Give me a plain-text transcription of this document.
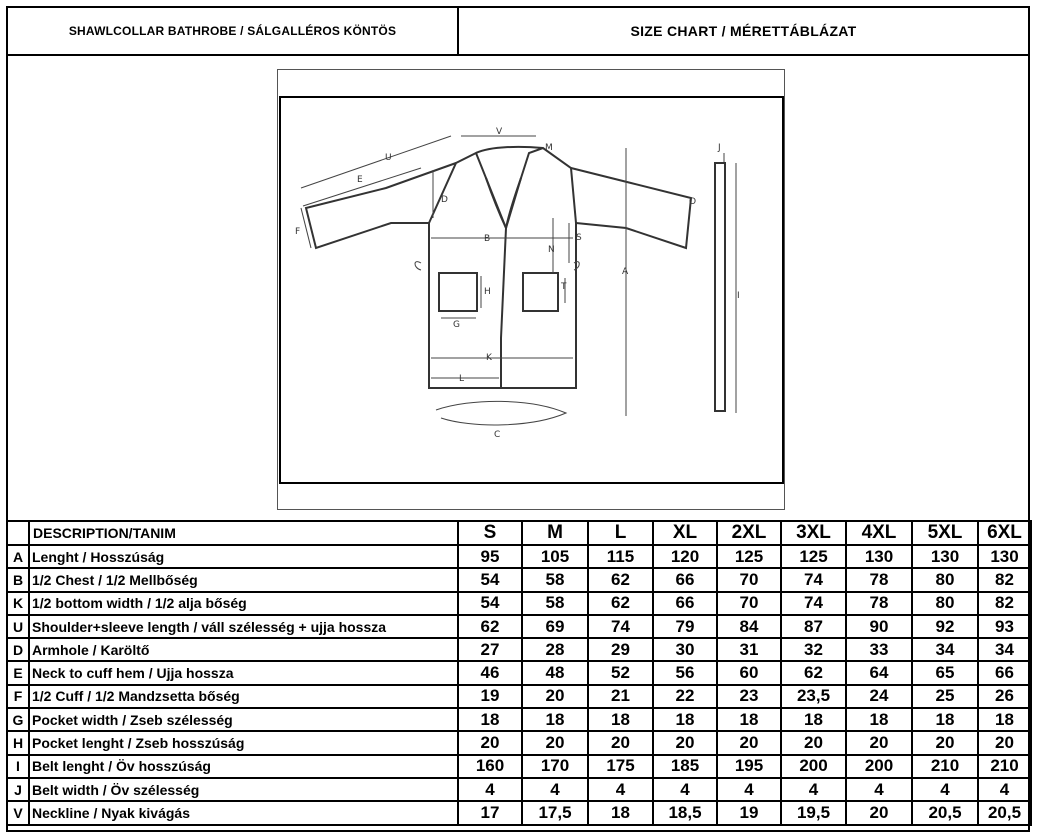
SHAWLCOLLAR BATHROBE / SÁLGALLÉROS KÖNTÖS	SIZE CHART / MÉRETTÁBLÁZAT
V
M	J
U
E
D
F
B
N
S
A
I
H	T
G
K
L
C
O
	DESCRIPTION/TANIM	S	M	L	XL	2XL	3XL	4XL	5XL	6XL
A	Lenght / Hosszúság	95	105	115	120	125	125	130	130	130
B	1/2 Chest / 1/2 Mellbőség	54	58	62	66	70	74	78	80	82
K	1/2 bottom width / 1/2 alja bőség	54	58	62	66	70	74	78	80	82
U	Shoulder+sleeve length / váll szélesség + ujja hossza	62	69	74	79	84	87	90	92	93
D	Armhole / Karöltő	27	28	29	30	31	32	33	34	34
E	Neck to cuff hem / Ujja hossza	46	48	52	56	60	62	64	65	66
F	1/2 Cuff / 1/2 Mandzsetta bőség	19	20	21	22	23	23,5	24	25	26
G	Pocket width / Zseb szélesség	18	18	18	18	18	18	18	18	18
H	Pocket lenght / Zseb hosszúság	20	20	20	20	20	20	20	20	20
I	Belt lenght / Öv hosszúság	160	170	175	185	195	200	200	210	210
J	Belt width / Öv szélesség	4	4	4	4	4	4	4	4	4
V	Neckline / Nyak kivágás	17	17,5	18	18,5	19	19,5	20	20,5	20,5
